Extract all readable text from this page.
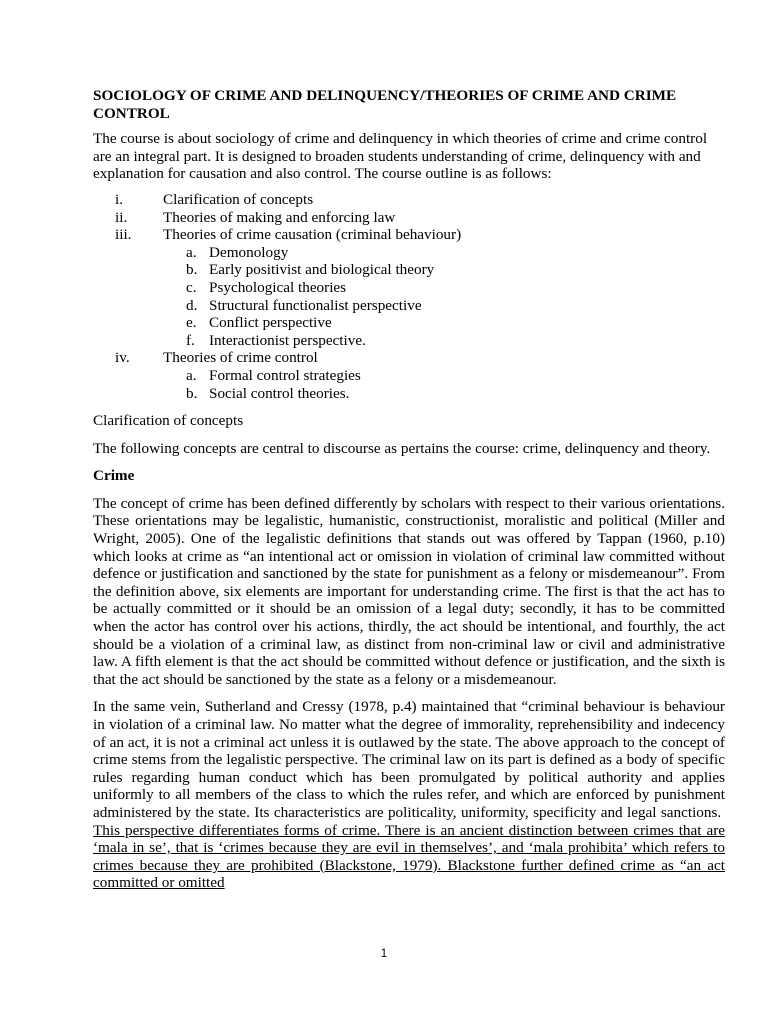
SOCIOLOGY OF CRIME AND DELINQUENCY/THEORIES OF CRIME AND CRIME CONTROL

The course is about sociology of crime and delinquency in which theories of crime and crime control are an integral part. It is designed to broaden students understanding of crime, delinquency with and explanation for causation and also control. The course outline is as follows:

i.	Clarification of concepts
ii.	Theories of making and enforcing law
iii.	Theories of crime causation (criminal behaviour)
a. Demonology
b. Early positivist and biological theory
c. Psychological theories
d. Structural functionalist perspective
e. Conflict perspective
f. Interactionist perspective.
iv.	Theories of crime control
a. Formal control strategies
b. Social control theories.

Clarification of concepts

The following concepts are central to discourse as pertains the course: crime, delinquency and theory.

Crime

The concept of crime has been defined differently by scholars with respect to their various orientations. These orientations may be legalistic, humanistic, constructionist, moralistic and political (Miller and Wright, 2005). One of the legalistic definitions that stands out was offered by Tappan (1960, p.10) which looks at crime as “an intentional act or omission in violation of criminal law committed without defence or justification and sanctioned by the state for punishment as a felony or misdemeanour”. From the definition above, six elements are important for understanding crime. The first is that the act has to be actually committed or it should be an omission of a legal duty; secondly, it has to be committed when the actor has control over his actions, thirdly, the act should be intentional, and fourthly, the act should be a violation of a criminal law, as distinct from non-criminal law or civil and administrative law. A fifth element is that the act should be committed without defence or justification, and the sixth is that the act should be sanctioned by the state as a felony or a misdemeanour.

In the same vein, Sutherland and Cressy (1978, p.4) maintained that “criminal behaviour is behaviour in violation of a criminal law. No matter what the degree of immorality, reprehensibility and indecency of an act, it is not a criminal act unless it is outlawed by the state. The above approach to the concept of crime stems from the legalistic perspective. The criminal law on its part is defined as a body of specific rules regarding human conduct which has been promulgated by political authority and applies uniformly to all members of the class to which the rules refer, and which are enforced by punishment administered by the state. Its characteristics are politicality, uniformity, specificity and legal sanctions.  This perspective differentiates forms of crime. There is an ancient distinction between crimes that are ‘mala in se’, that is ‘crimes because they are evil in themselves’, and ‘mala prohibita’ which refers to crimes because they are prohibited (Blackstone, 1979). Blackstone further defined crime as “an act committed or omitted

1
